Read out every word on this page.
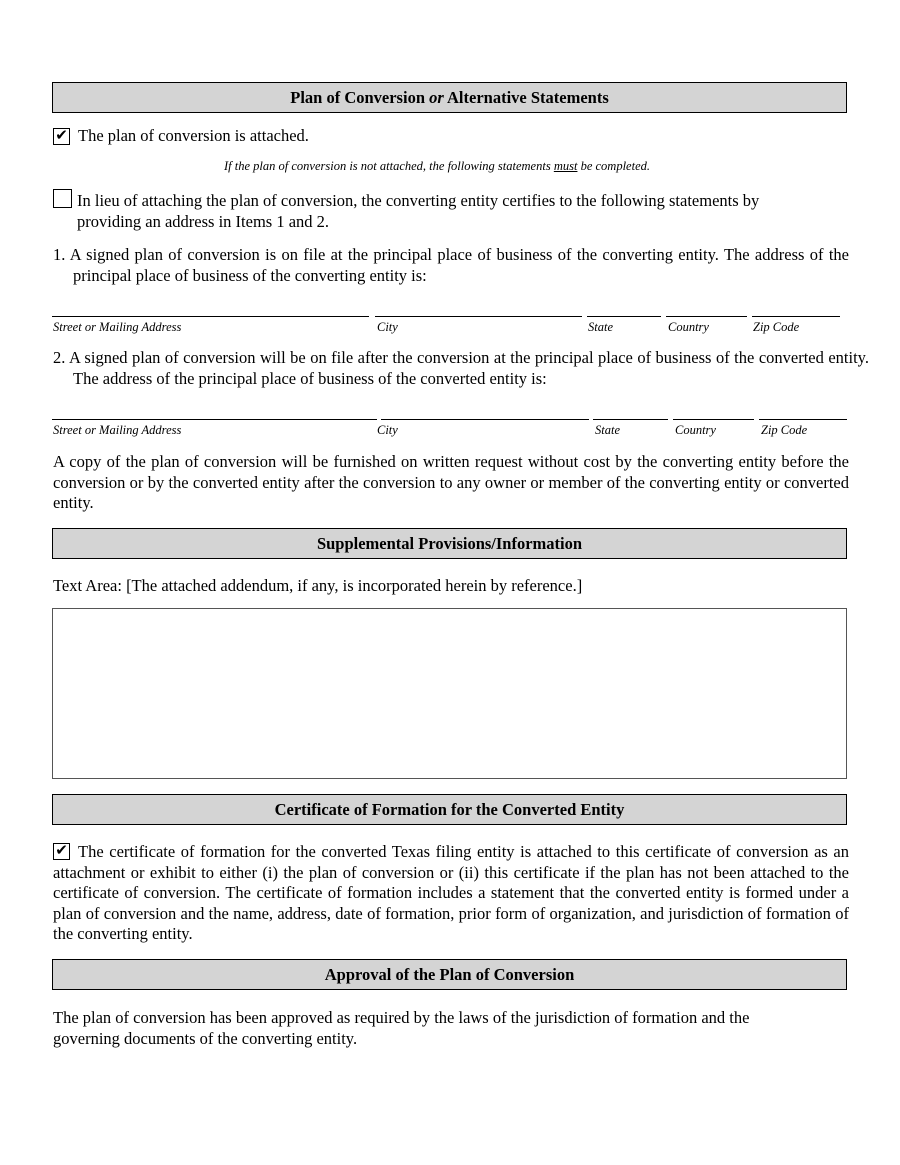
Plan of Conversion or Alternative Statements
✔ The plan of conversion is attached.
If the plan of conversion is not attached, the following statements must be completed.
In lieu of attaching the plan of conversion, the converting entity certifies to the following statements by providing an address in Items 1 and 2.
1. A signed plan of conversion is on file at the principal place of business of the converting entity. The address of the principal place of business of the converting entity is:
Street or Mailing Address	City	State	Country	Zip Code
2. A signed plan of conversion will be on file after the conversion at the principal place of business of the converted entity. The address of the principal place of business of the converted entity is:
Street or Mailing Address	City	State	Country	Zip Code
A copy of the plan of conversion will be furnished on written request without cost by the converting entity before the conversion or by the converted entity after the conversion to any owner or member of the converting entity or converted entity.
Supplemental Provisions/Information
Text Area: [The attached addendum, if any, is incorporated herein by reference.]
Certificate of Formation for the Converted Entity
✔ The certificate of formation for the converted Texas filing entity is attached to this certificate of conversion as an attachment or exhibit to either (i) the plan of conversion or (ii) this certificate if the plan has not been attached to the certificate of conversion. The certificate of formation includes a statement that the converted entity is formed under a plan of conversion and the name, address, date of formation, prior form of organization, and jurisdiction of formation of the converting entity.
Approval of the Plan of Conversion
The plan of conversion has been approved as required by the laws of the jurisdiction of formation and the governing documents of the converting entity.
